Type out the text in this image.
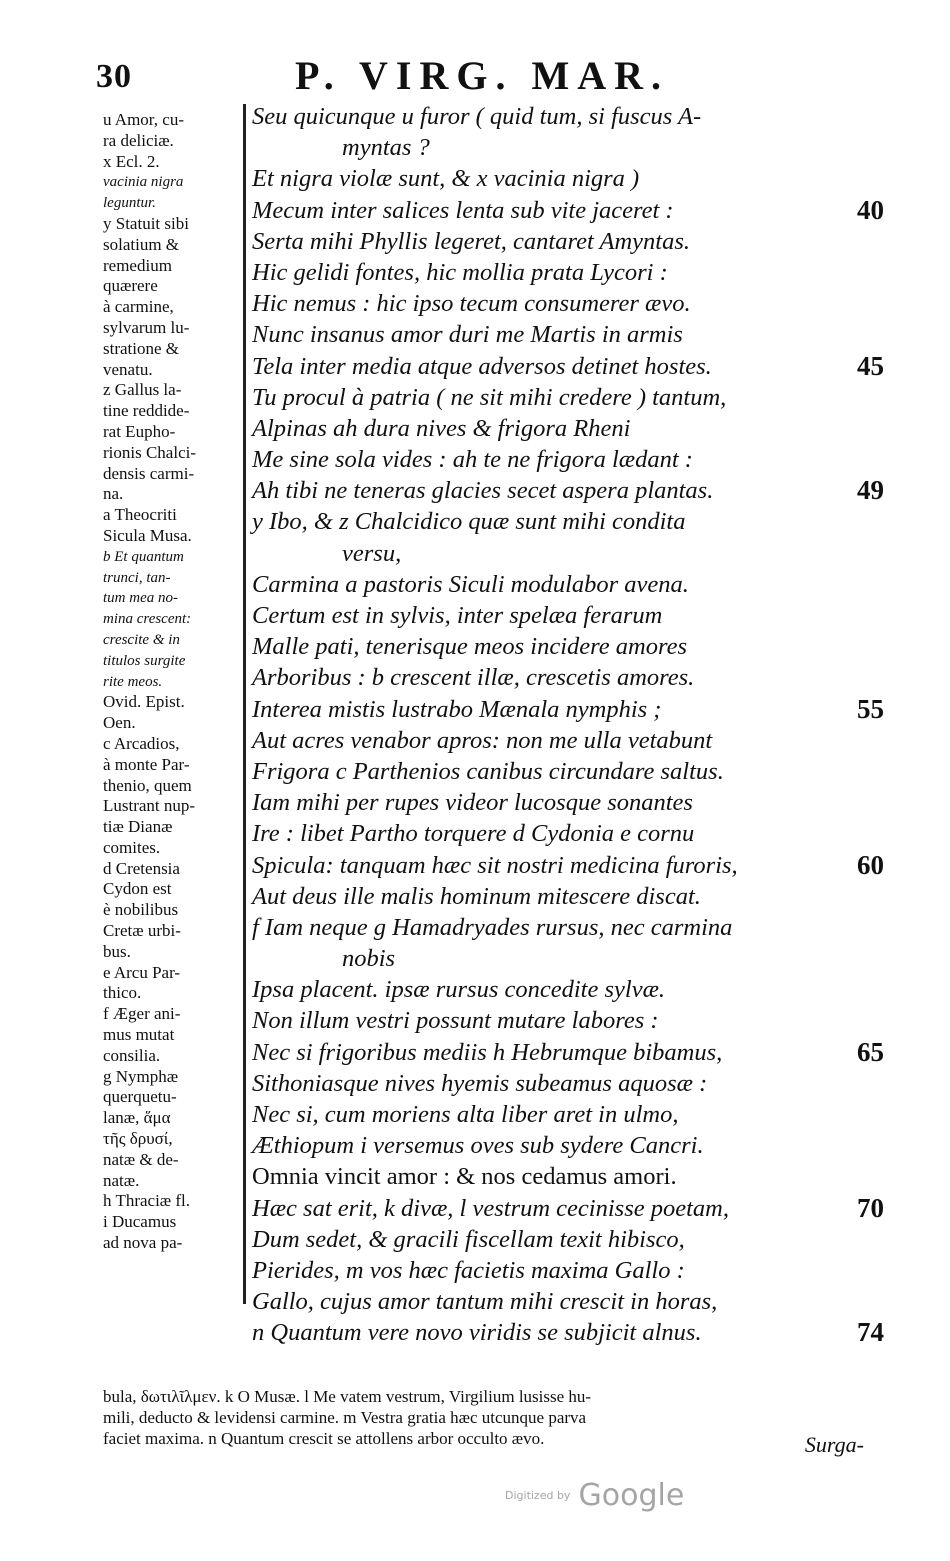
30	P. VIRG. MAR.
u Amor, cu-
ra deliciæ.
x Ecl. 2.
vacinia nigra
leguntur.
y Statuit sibi
solatium &
remedium
quærere
à carmine,
sylvarum lu-
stratione &
venatu.
z Gallus la-
tine reddide-
rat Eupho-
rionis Chalci-
densis carmi-
na.
a Theocriti
Sicula Musa.
b Et quantum
trunci, tan-
tum mea no-
mina crescent:
crescite & in
titulos surgite
rite meos.
Ovid. Epist.
Oen.
c Arcadios,
à monte Par-
thenio, quem
Lustrant nup-
tiæ Dianæ
comites.
d Cretensia
Cydon est
è nobilibus
Cretæ urbi-
bus.
e Arcu Par-
thico.
f Æger ani-
mus mutat
consilia.
g Nymphæ
querquetu-
lanæ, ἅμα
τῆς δρυσί,
natæ & de-
natæ.
h Thraciæ fl.
i Ducamus
ad nova pa-
Seu quicunque u furor ( quid tum, si fuscus A-
myntas ?
Et nigra violæ sunt, & x vacinia nigra )
Mecum inter salices lenta sub vite jaceret :	40
Serta mihi Phyllis legeret, cantaret Amyntas.
Hic gelidi fontes, hic mollia prata Lycori :
Hic nemus : hic ipso tecum consumerer ævo.
Nunc insanus amor duri me Martis in armis
Tela inter media atque adversos detinet hostes.	45
Tu procul à patria ( ne sit mihi credere ) tantum,
Alpinas ah dura nives & frigora Rheni
Me sine sola vides : ah te ne frigora lædant :
Ah tibi ne teneras glacies secet aspera plantas.	49
y Ibo, & z Chalcidico quæ sunt mihi condita
versu,
Carmina a pastoris Siculi modulabor avena.
Certum est in sylvis, inter spelæa ferarum
Malle pati, tenerisque meos incidere amores
Arboribus : b crescent illæ, crescetis amores.
Interea mistis lustrabo Mænala nymphis ;	55
Aut acres venabor apros: non me ulla vetabunt
Frigora c Parthenios canibus circundare saltus.
Iam mihi per rupes videor lucosque sonantes
Ire : libet Partho torquere d Cydonia e cornu
Spicula: tanquam hæc sit nostri medicina furoris,	60
Aut deus ille malis hominum mitescere discat.
f Iam neque g Hamadryades rursus, nec carmina
nobis
Ipsa placent. ipsæ rursus concedite sylvæ.
Non illum vestri possunt mutare labores :
Nec si frigoribus mediis h Hebrumque bibamus,	65
Sithoniasque nives hyemis subeamus aquosæ :
Nec si, cum moriens alta liber aret in ulmo,
Æthiopum i versemus oves sub sydere Cancri.
Omnia vincit amor : & nos cedamus amori.
Hæc sat erit, k divæ, l vestrum cecinisse poetam,	70
Dum sedet, & gracili fiscellam texit hibisco,
Pierides, m vos hæc facietis maxima Gallo :
Gallo, cujus amor tantum mihi crescit in horas,
n Quantum vere novo viridis se subjicit alnus.	74
bula, δωτιλῖλμεν. k O Musæ. l Me vatem vestrum, Virgilium lusisse hu-
mili, deducto & levidensi carmine. m Vestra gratia hæc utcunque parva
faciet maxima. n Quantum crescit se attollens arbor occulto ævo.	Surga-
Digitized by Google
